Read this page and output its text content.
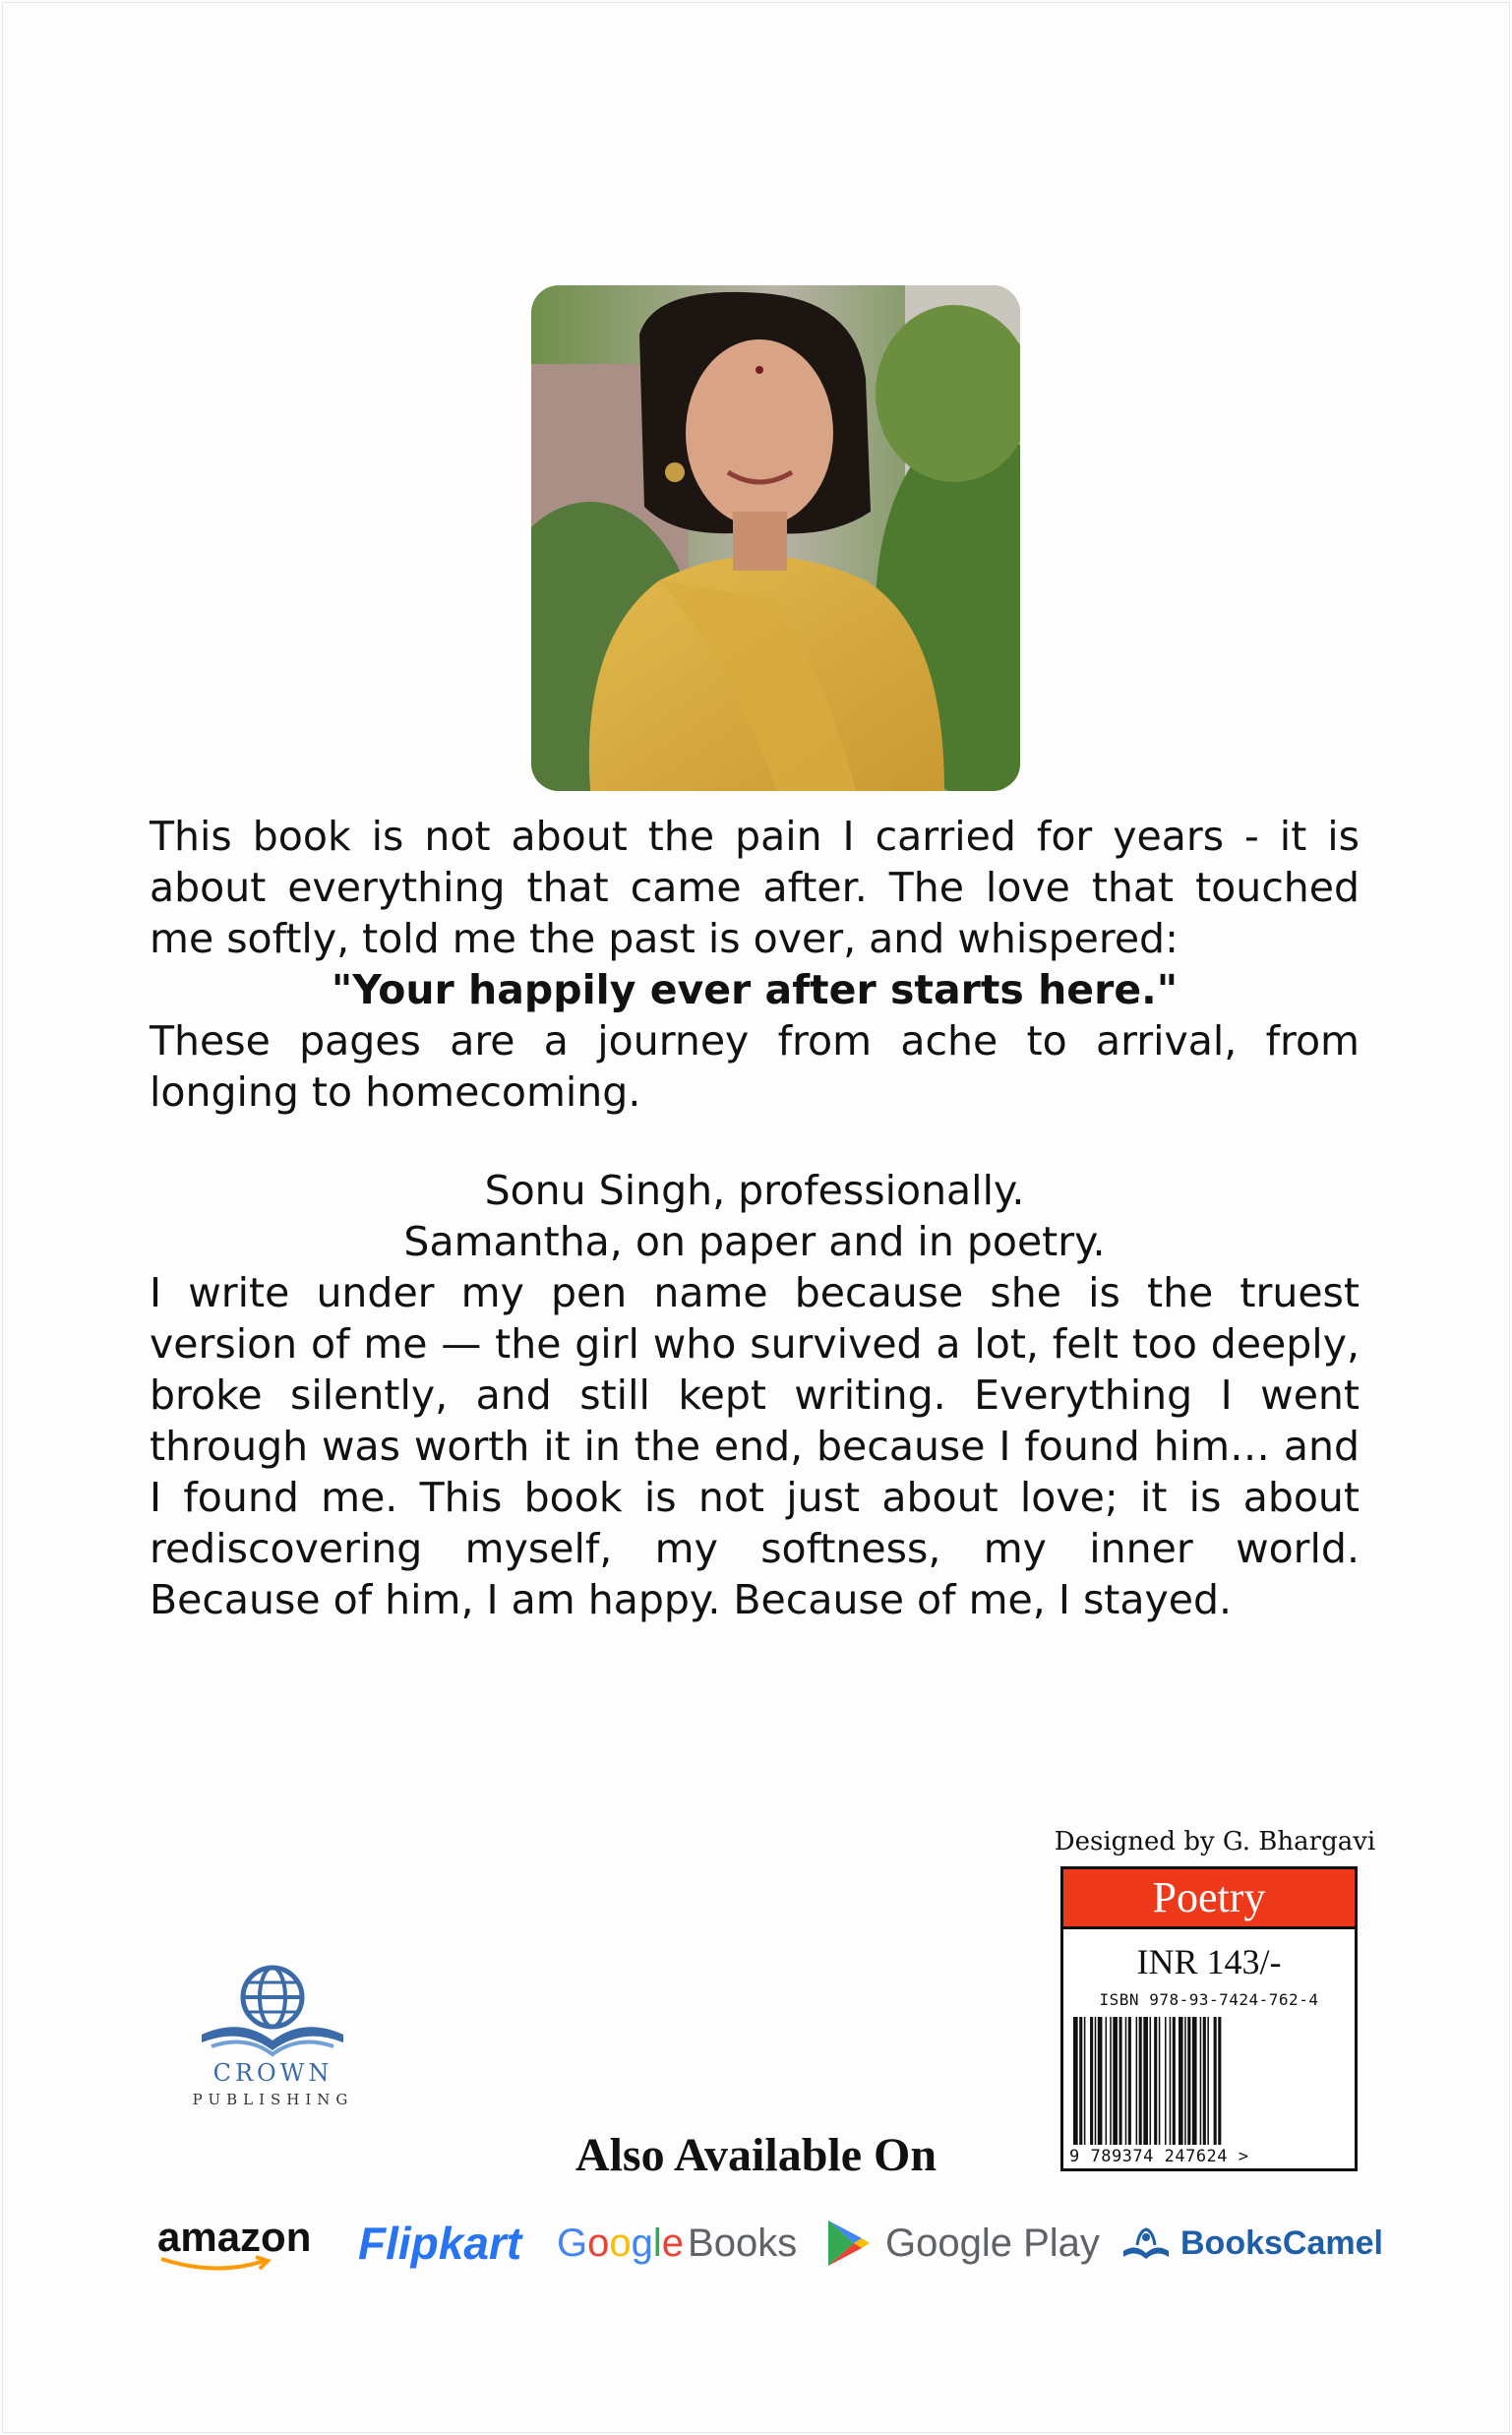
This book is not about the pain I carried for years - it is about everything that came after. The love that touched me softly, told me the past is over, and whispered:
"Your happily ever after starts here."
These pages are a journey from ache to arrival, from longing to homecoming.

Sonu Singh, professionally.
Samantha, on paper and in poetry.
I write under my pen name because she is the truest version of me — the girl who survived a lot, felt too deeply, broke silently, and still kept writing. Everything I went through was worth it in the end, because I found him… and I found me. This book is not just about love; it is about rediscovering myself, my softness, my inner world. Because of him, I am happy. Because of me, I stayed.

Designed by G. Bhargavi
Poetry
INR 143/-
ISBN 978-93-7424-762-4
9 789374 247624 >
CROWN
PUBLISHING
Also Available On
amazon Flipkart G o o g l e Books Google Play BooksCamel
